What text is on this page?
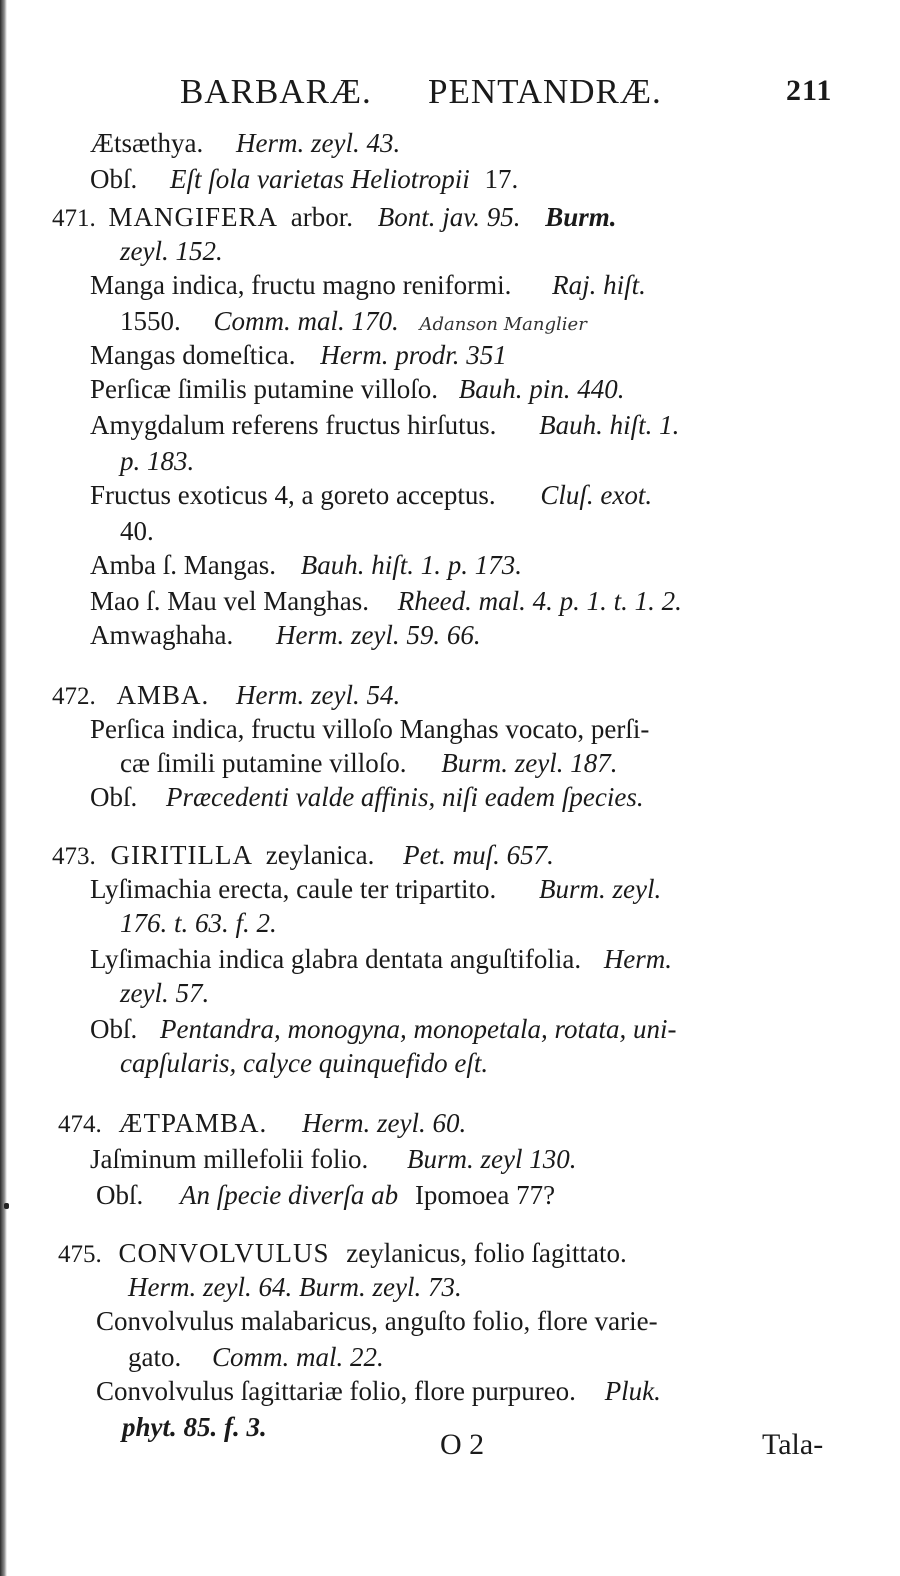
BARBARÆ. PENTANDRÆ.	211
Ætsæthya. Herm. zeyl. 43.
Obſ. Eſt ſola varietas Heliotropii 17.
471. MANGIFERA arbor. Bont. jav. 95. Burm.
zeyl. 152.
Manga indica, fructu magno reniformi. Raj. hiſt.
1550. Comm. mal. 170. Adanson Manglier
Mangas domeſtica. Herm. prodr. 351
Perſicæ ſimilis putamine villoſo. Bauh. pin. 440.
Amygdalum referens fructus hirſutus. Bauh. hiſt. 1.
p. 183.
Fructus exoticus 4, a goreto acceptus. Cluſ. exot.
40.
Amba ſ. Mangas. Bauh. hiſt. 1. p. 173.
Mao ſ. Mau vel Manghas. Rheed. mal. 4. p. 1. t. 1. 2.
Amwaghaha. Herm. zeyl. 59. 66.
472. AMBA. Herm. zeyl. 54.
Perſica indica, fructu villoſo Manghas vocato, perſi-
cæ ſimili putamine villoſo. Burm. zeyl. 187.
Obſ. Præcedenti valde affinis, niſi eadem ſpecies.
473. GIRITILLA zeylanica. Pet. muſ. 657.
Lyſimachia erecta, caule ter tripartito. Burm. zeyl.
176. t. 63. f. 2.
Lyſimachia indica glabra dentata anguſtifolia. Herm.
zeyl. 57.
Obſ. Pentandra, monogyna, monopetala, rotata, uni-
capſularis, calyce quinquefido eſt.
474. ÆTPAMBA. Herm. zeyl. 60.
Jaſminum millefolii folio. Burm. zeyl 130.
Obſ. An ſpecie diverſa ab Ipomoea 77?
475. CONVOLVULUS zeylanicus, folio ſagittato.
Herm. zeyl. 64. Burm. zeyl. 73.
Convolvulus malabaricus, anguſto folio, flore varie-
gato. Comm. mal. 22.
Convolvulus ſagittariæ folio, flore purpureo. Pluk.
phyt. 85. f. 3.
O 2	Tala-
